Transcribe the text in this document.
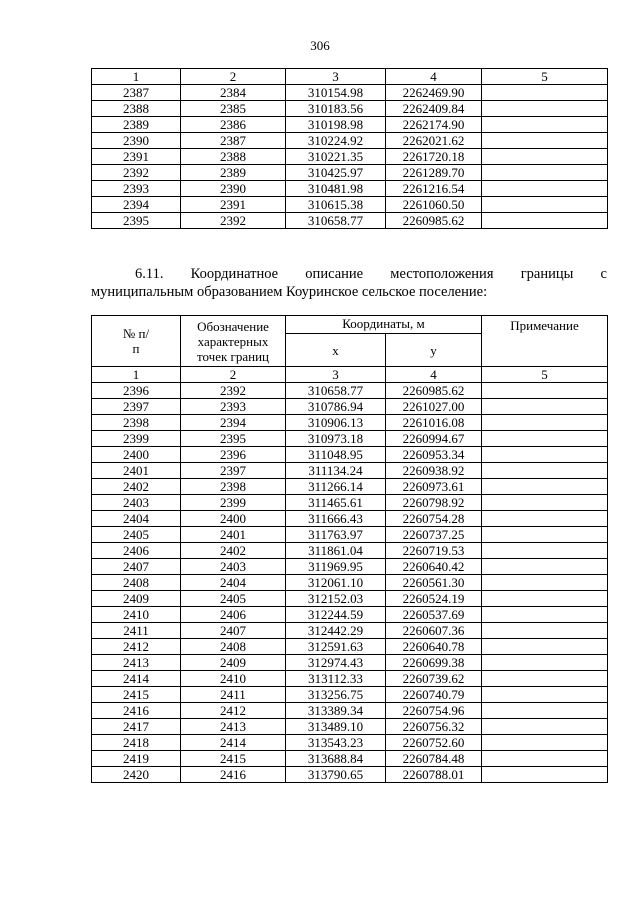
306
1	2	3	4	5
2387	2384	310154.98	2262469.90	
2388	2385	310183.56	2262409.84	
2389	2386	310198.98	2262174.90	
2390	2387	310224.92	2262021.62	
2391	2388	310221.35	2261720.18	
2392	2389	310425.97	2261289.70	
2393	2390	310481.98	2261216.54	
2394	2391	310615.38	2261060.50	
2395	2392	310658.77	2260985.62	
6.11. Координатное описание местоположения границы с
муниципальным образованием Коуринское сельское поселение:
№ п/п	Обозначение характерных точек границ	Координаты, м		Примечание
		x	y	
1	2	3	4	5
2396	2392	310658.77	2260985.62	
2397	2393	310786.94	2261027.00	
2398	2394	310906.13	2261016.08	
2399	2395	310973.18	2260994.67	
2400	2396	311048.95	2260953.34	
2401	2397	311134.24	2260938.92	
2402	2398	311266.14	2260973.61	
2403	2399	311465.61	2260798.92	
2404	2400	311666.43	2260754.28	
2405	2401	311763.97	2260737.25	
2406	2402	311861.04	2260719.53	
2407	2403	311969.95	2260640.42	
2408	2404	312061.10	2260561.30	
2409	2405	312152.03	2260524.19	
2410	2406	312244.59	2260537.69	
2411	2407	312442.29	2260607.36	
2412	2408	312591.63	2260640.78	
2413	2409	312974.43	2260699.38	
2414	2410	313112.33	2260739.62	
2415	2411	313256.75	2260740.79	
2416	2412	313389.34	2260754.96	
2417	2413	313489.10	2260756.32	
2418	2414	313543.23	2260752.60	
2419	2415	313688.84	2260784.48	
2420	2416	313790.65	2260788.01	
